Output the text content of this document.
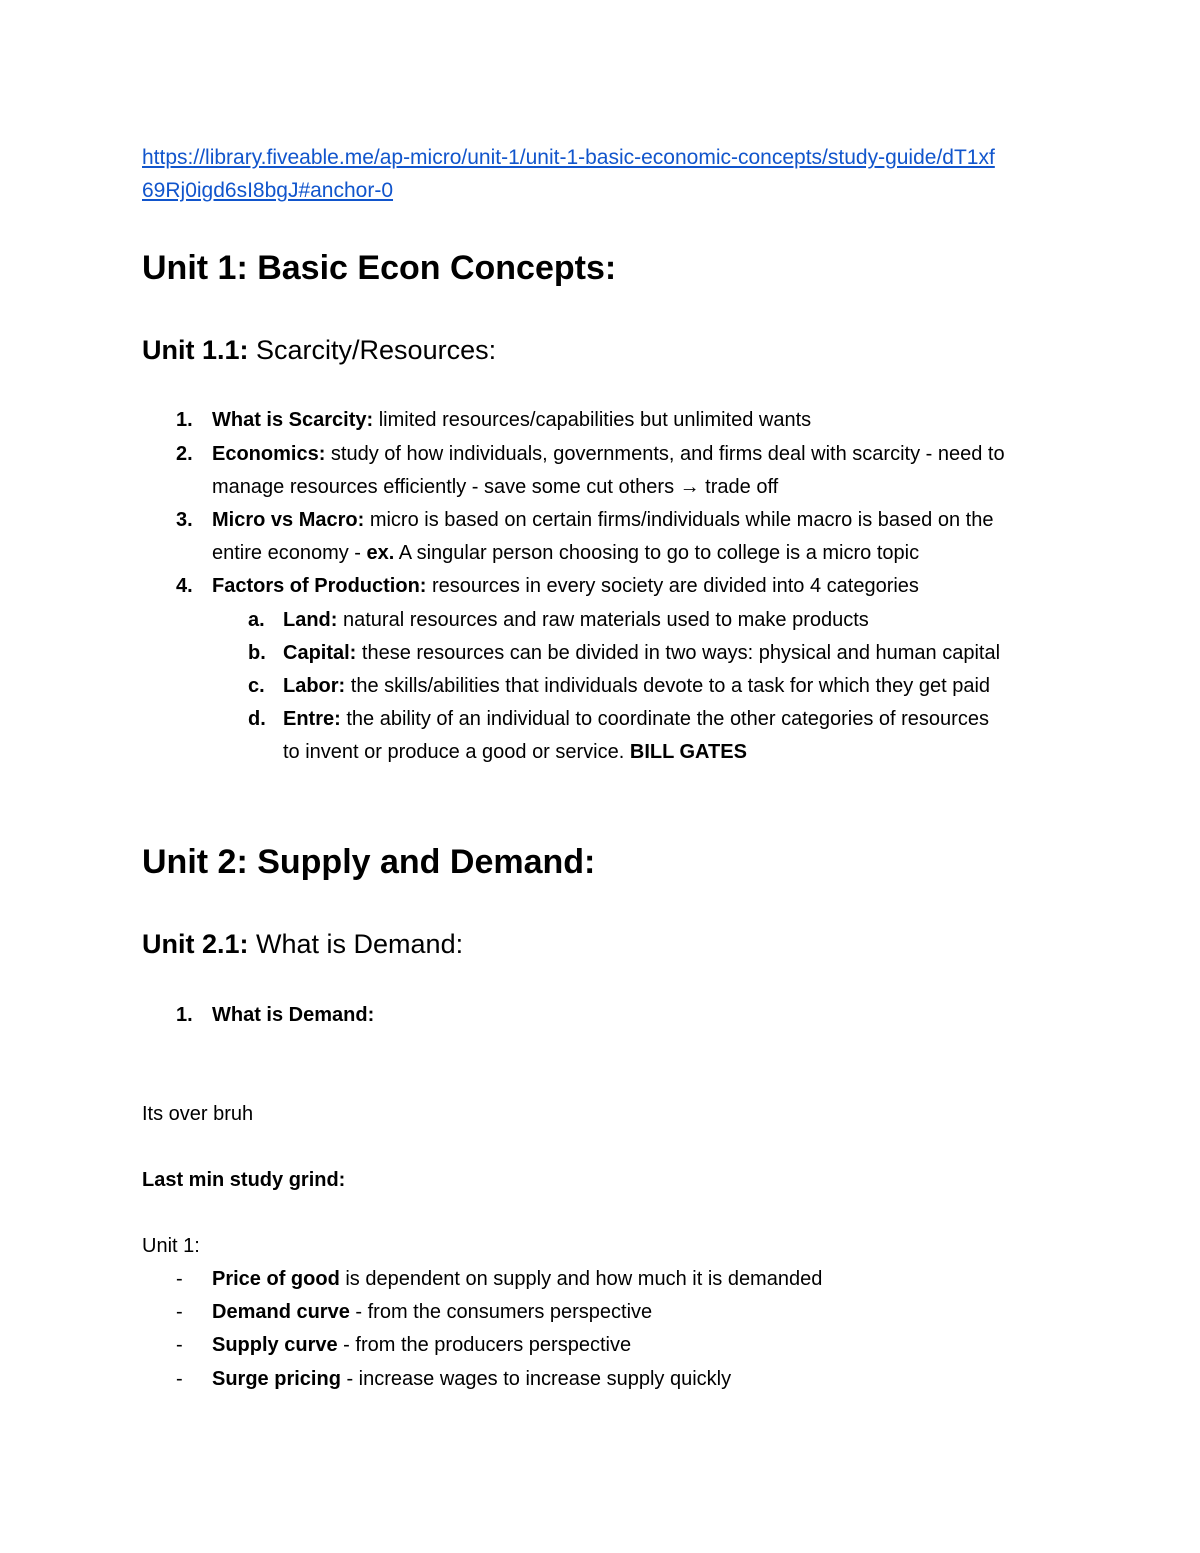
https://library.fiveable.me/ap-micro/unit-1/unit-1-basic-economic-concepts/study-guide/dT1xf
69Rj0igd6sI8bgJ#anchor-0
Unit 1: Basic Econ Concepts:
Unit 1.1: Scarcity/Resources:
1. What is Scarcity: limited resources/capabilities but unlimited wants
2. Economics: study of how individuals, governments, and firms deal with scarcity - need to
manage resources efficiently - save some cut others → trade off
3. Micro vs Macro: micro is based on certain firms/individuals while macro is based on the
entire economy - ex. A singular person choosing to go to college is a micro topic
4. Factors of Production: resources in every society are divided into 4 categories
a. Land: natural resources and raw materials used to make products
b. Capital: these resources can be divided in two ways: physical and human capital
c. Labor: the skills/abilities that individuals devote to a task for which they get paid
d. Entre: the ability of an individual to coordinate the other categories of resources
to invent or produce a good or service. BILL GATES
Unit 2: Supply and Demand:
Unit 2.1: What is Demand:
1. What is Demand:
Its over bruh
Last min study grind:
Unit 1:
- Price of good is dependent on supply and how much it is demanded
- Demand curve - from the consumers perspective
- Supply curve - from the producers perspective
- Surge pricing - increase wages to increase supply quickly
